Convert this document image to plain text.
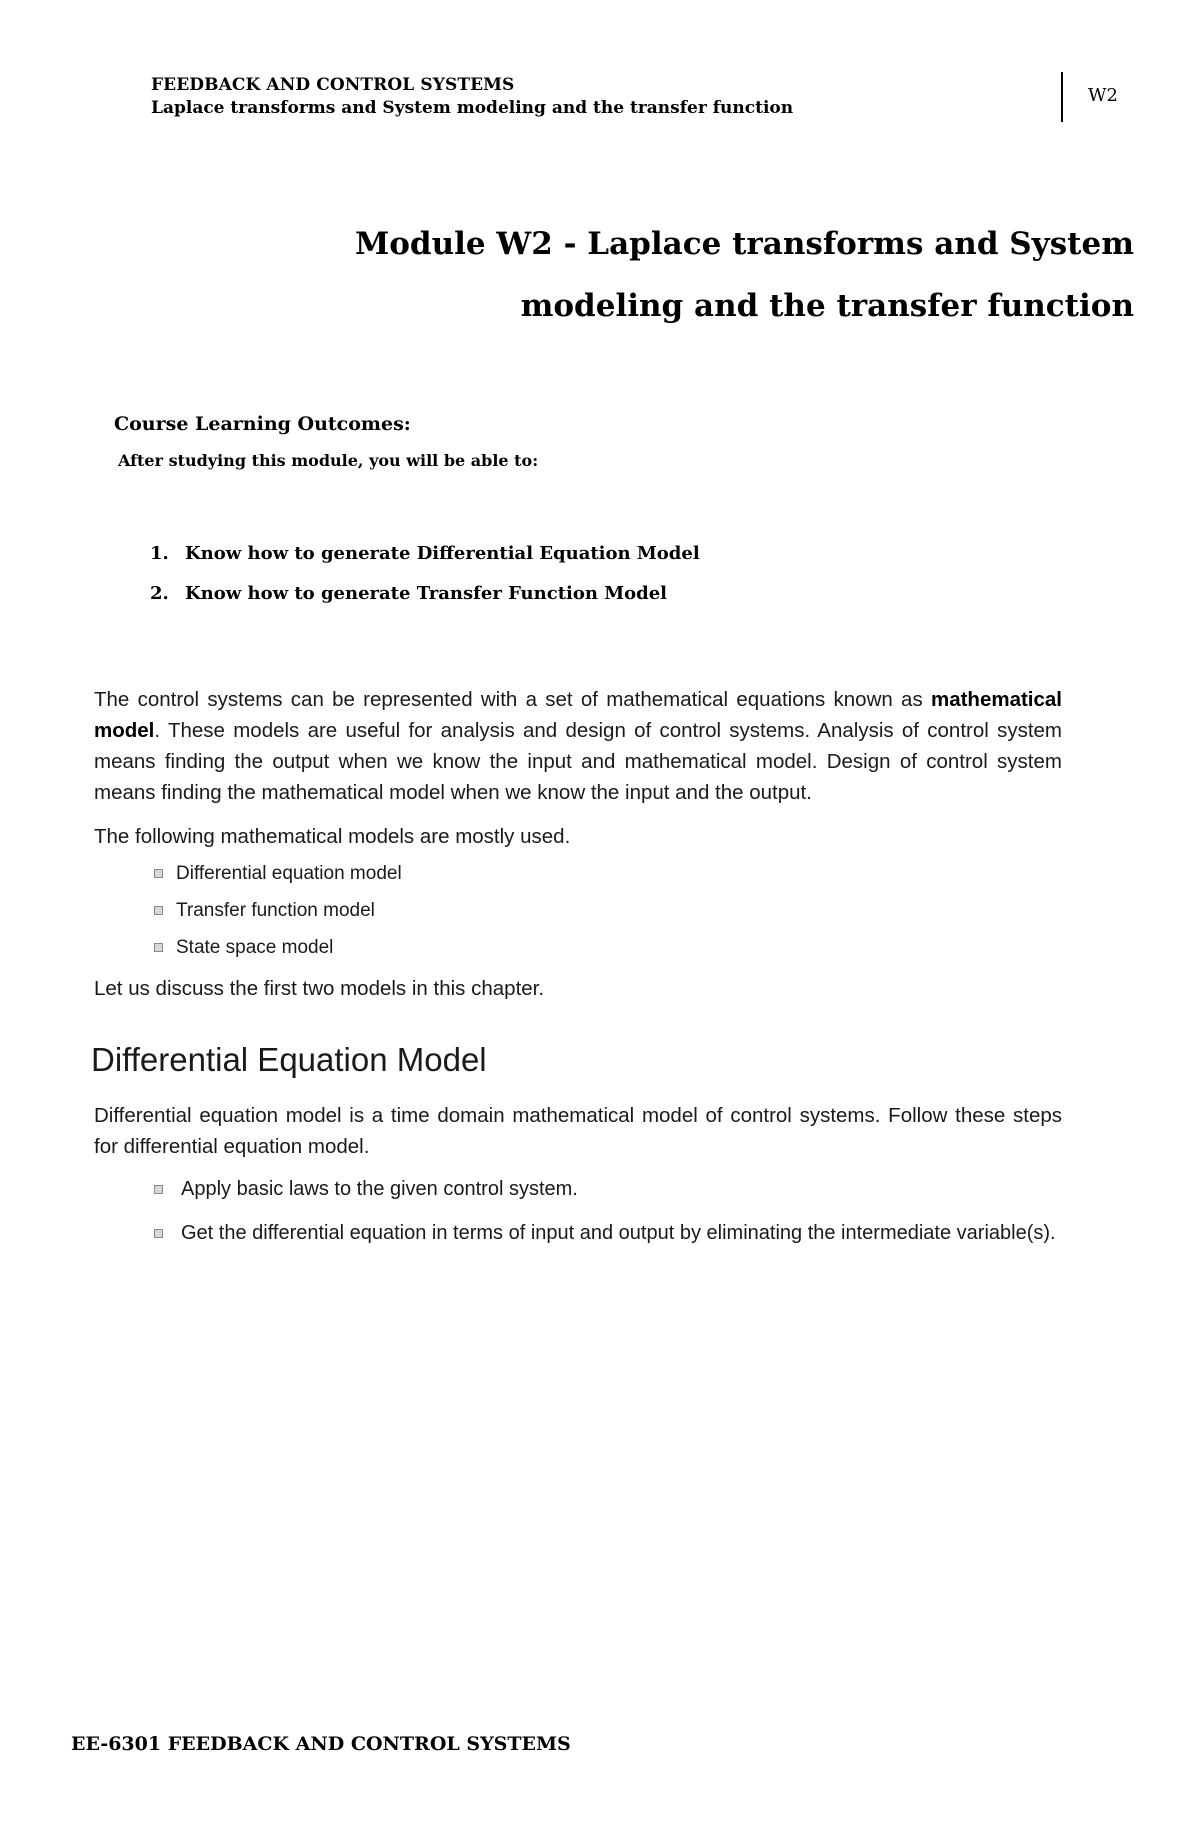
FEEDBACK AND CONTROL SYSTEMS
Laplace transforms and System modeling and the transfer function
W2
Module W2 - Laplace transforms and System
modeling and the transfer function
Course Learning Outcomes:
After studying this module, you will be able to:
1. Know how to generate Differential Equation Model
2. Know how to generate Transfer Function Model

The control systems can be represented with a set of mathematical equations known as mathematical model. These models are useful for analysis and design of control systems. Analysis of control system means finding the output when we know the input and mathematical model. Design of control system means finding the mathematical model when we know the input and the output.

The following mathematical models are mostly used.

Differential equation model
Transfer function model
State space model

Let us discuss the first two models in this chapter.

Differential Equation Model

Differential equation model is a time domain mathematical model of control systems. Follow these steps for differential equation model.

Apply basic laws to the given control system.
Get the differential equation in terms of input and output by eliminating the intermediate variable(s).
EE-6301 FEEDBACK AND CONTROL SYSTEMS
